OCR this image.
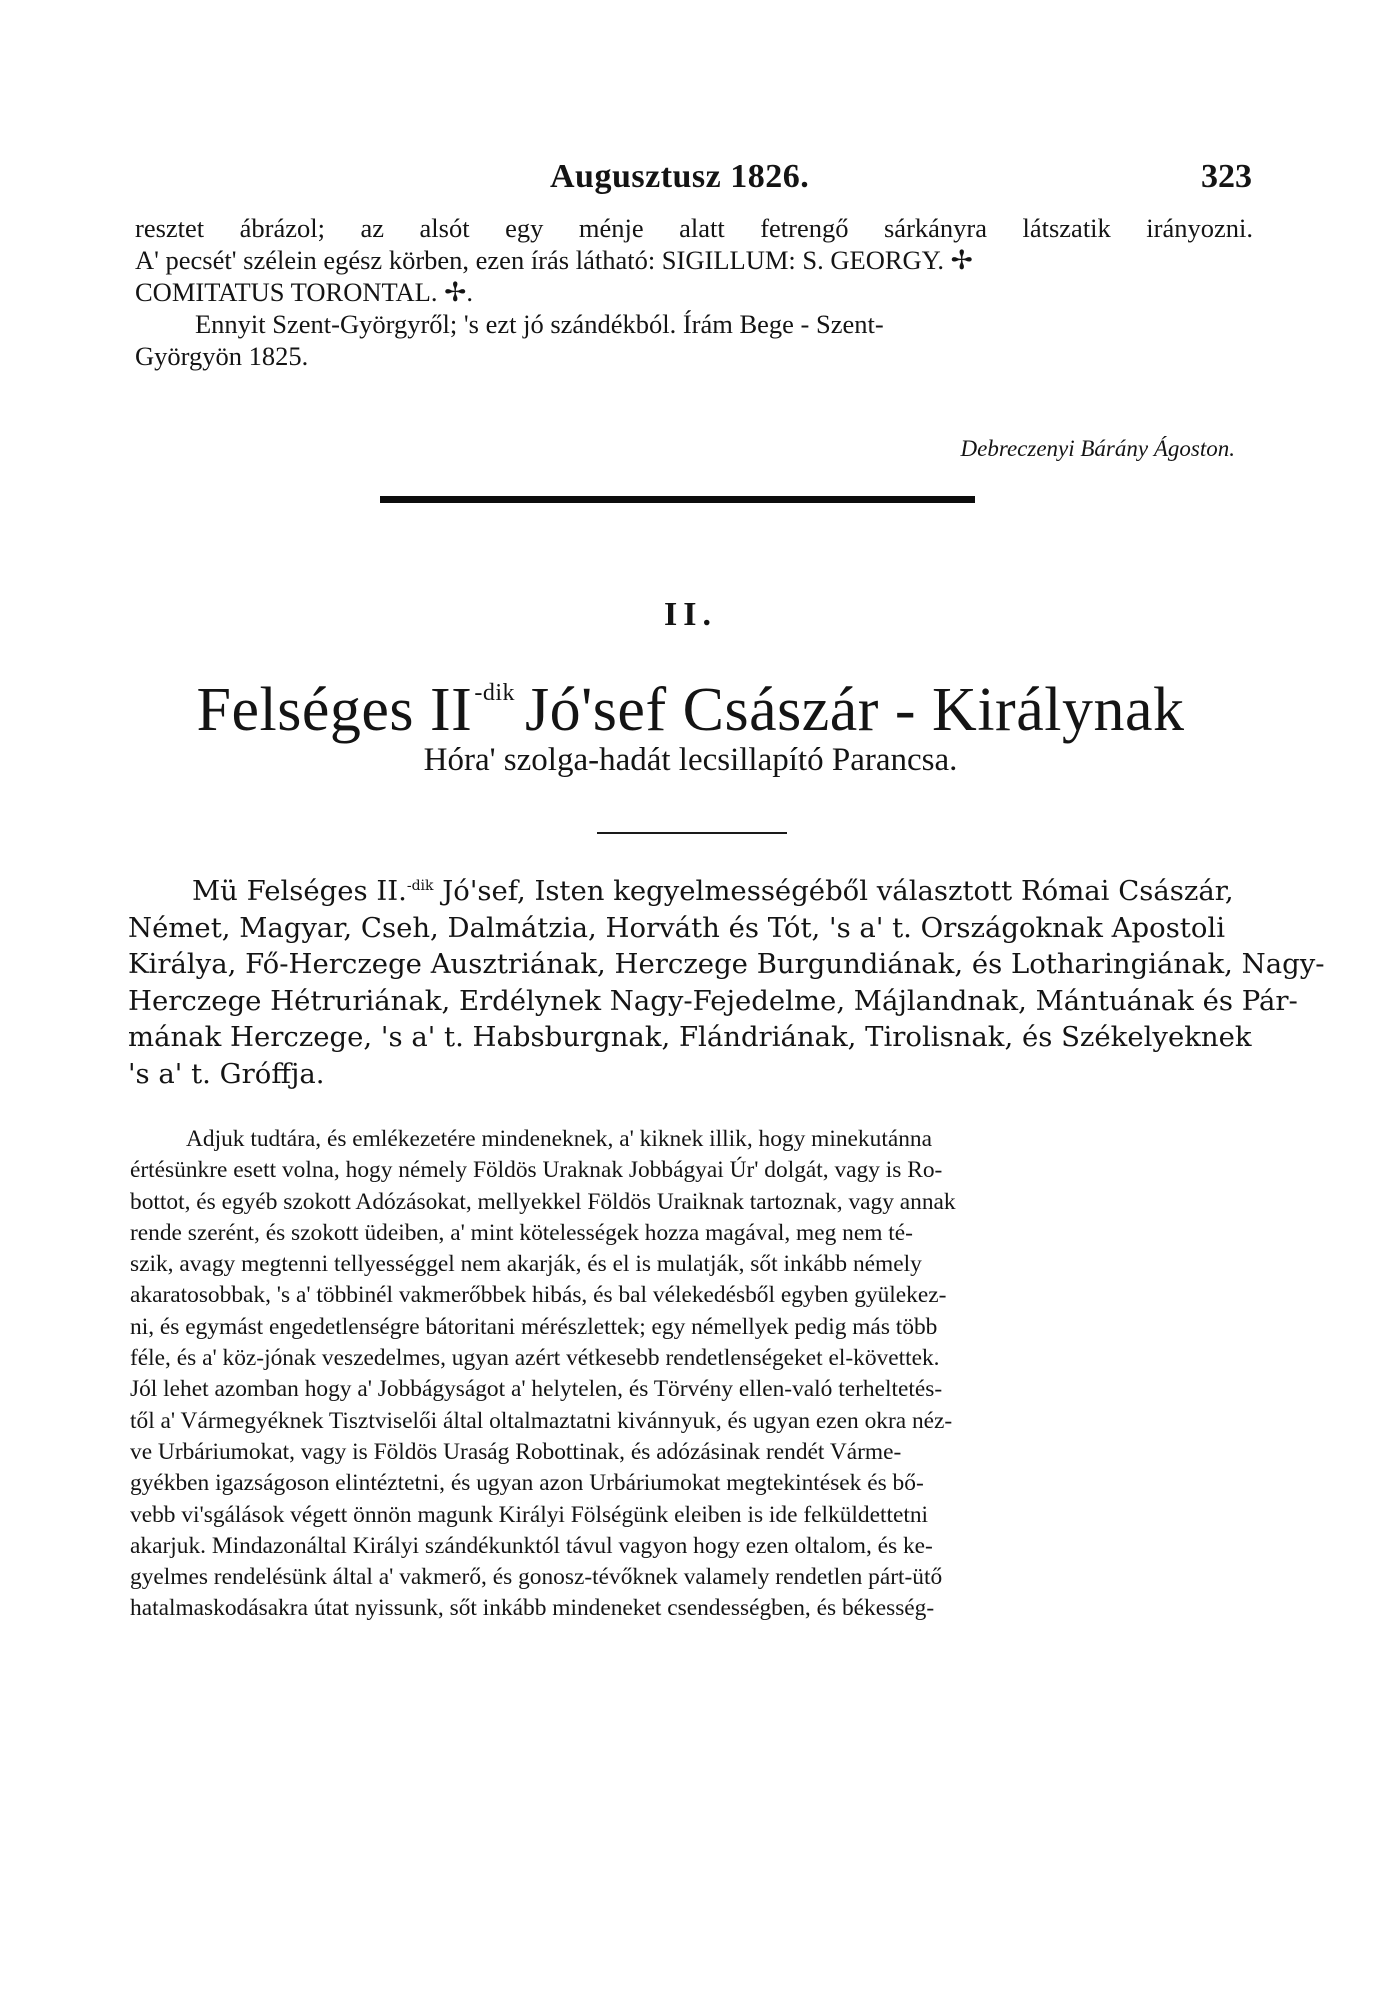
Augusztusz 1826.	323
resztet ábrázol; az alsót egy ménje alatt fetrengő sárkányra látszatik irányozni.
A' pecsét' szélein egész körben, ezen írás látható: SIGILLUM: S. GEORGY. ✢
COMITATUS TORONTAL. ✢.
Ennyit Szent-Györgyről; 's ezt jó szándékból. Írám Bege - Szent-
Györgyön 1825.
Debreczenyi Bárány Ágoston.
II.
Felséges $II^{-dik}$ Jó'sef Császár - Királynak
Hóra' szolga-hadát lecsillapító Parancsa.
Mü Felséges II.$^{-dik}$ Jó'sef, Isten kegyelmességéből választott Római Császár,
Német, Magyar, Cseh, Dalmátzia, Horváth és Tót, 's a' t. Országoknak Apostoli
Királya, Fő-Herczege Ausztriának, Herczege Burgundiának, és Lotharingiának, Nagy-
Herczege Hétruriának, Erdélynek Nagy-Fejedelme, Májlandnak, Mántuának és Pár-
mának Herczege, 's a' t. Habsburgnak, Flándriának, Tirolisnak, és Székelyeknek
's a' t. Gróffja.
Adjuk tudtára, és emlékezetére mindeneknek, a' kiknek illik, hogy minekutánna
értésünkre esett volna, hogy némely Földös Uraknak Jobbágyai Úr' dolgát, vagy is Ro-
bottot, és egyéb szokott Adózásokat, mellyekkel Földös Uraiknak tartoznak, vagy annak
rende szerént, és szokott üdeiben, a' mint kötelességek hozza magával, meg nem té-
szik, avagy megtenni tellyességgel nem akarják, és el is mulatják, sőt inkább némely
akaratosobbak, 's a' többinél vakmerőbbek hibás, és bal vélekedésből egyben gyülekez-
ni, és egymást engedetlenségre bátoritani mérészlettek; egy némellyek pedig más több
féle, és a' köz-jónak veszedelmes, ugyan azért vétkesebb rendetlenségeket el-követtek.
Jól lehet azomban hogy a' Jobbágyságot a' helytelen, és Törvény ellen-való terheltetés-
től a' Vármegyéknek Tisztviselői által oltalmaztatni kivánnyuk, és ugyan ezen okra néz-
ve Urbáriumokat, vagy is Földös Uraság Robottinak, és adózásinak rendét Várme-
gyékben igazságoson elintéztetni, és ugyan azon Urbáriumokat megtekintések és bő-
vebb vi'sgálások végett önnön magunk Királyi Fölségünk eleiben is ide felküldettetni
akarjuk. Mindazonáltal Királyi szándékunktól távul vagyon hogy ezen oltalom, és ke-
gyelmes rendelésünk által a' vakmerő, és gonosz-tévőknek valamely rendetlen párt-ütő
hatalmaskodásakra útat nyissunk, sőt inkább mindeneket csendességben, és békesség-
